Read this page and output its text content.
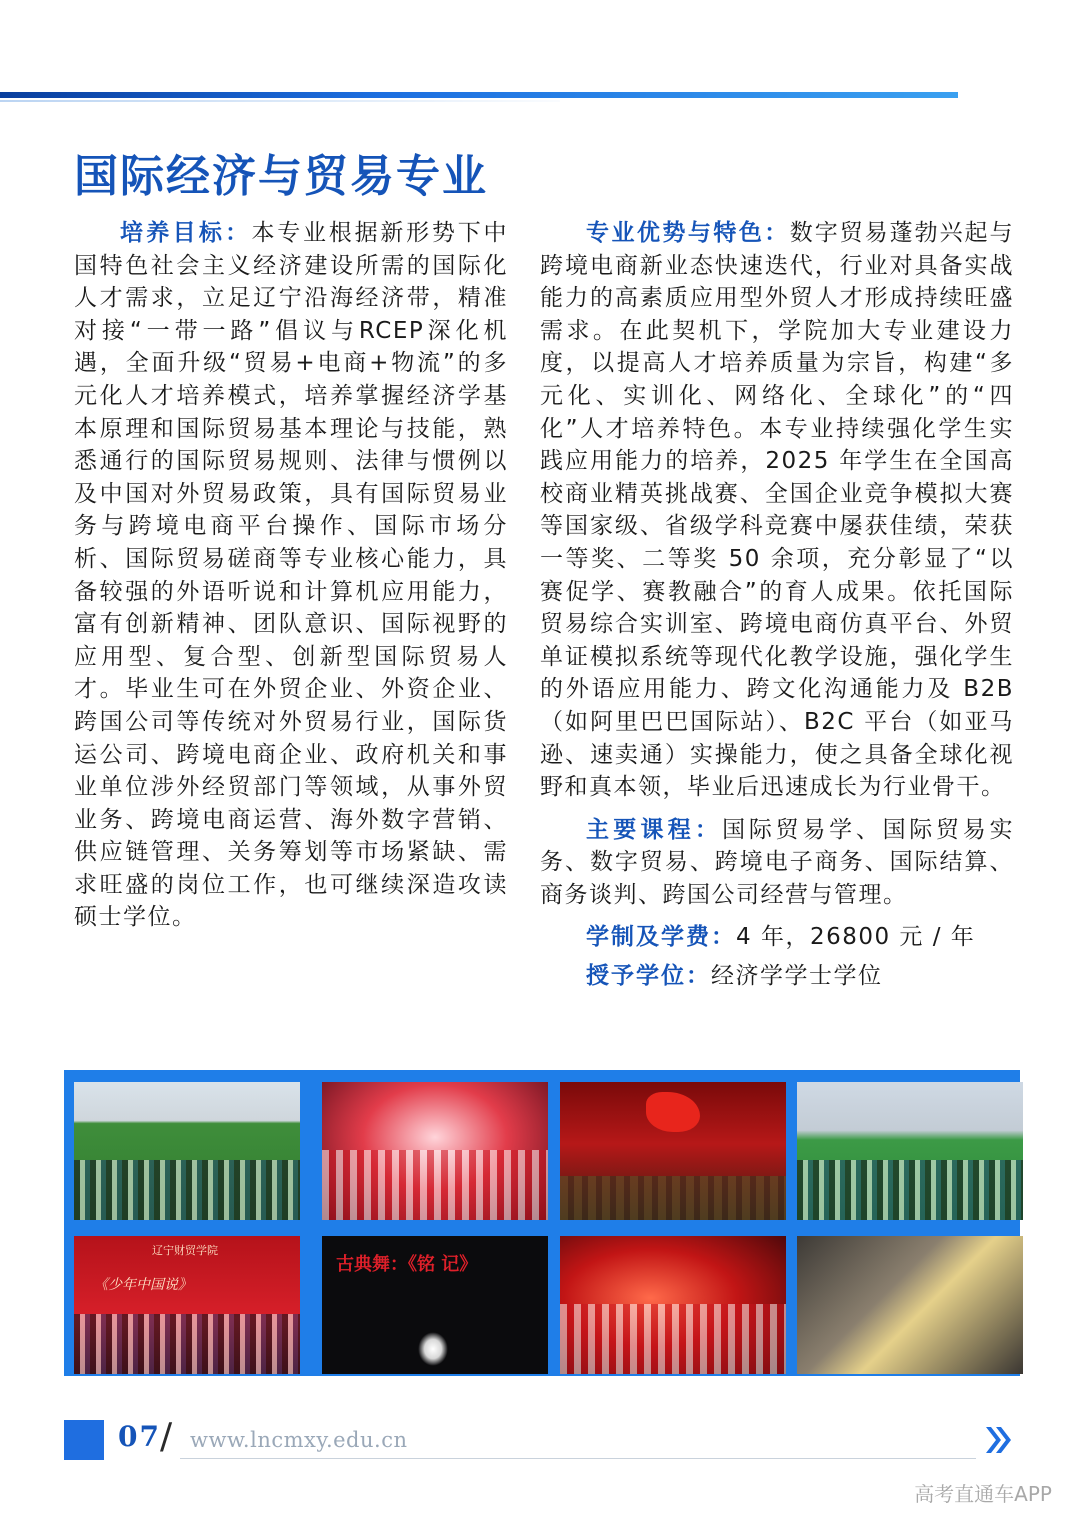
国际经济与贸易专业

培养目标：本专业根据新形势下中国特色社会主义经济建设所需的国际化人才需求，立足辽宁沿海经济带，精准对接“一带一路”倡议与RCEP深化机遇，全面升级“贸易+电商+物流”的多元化人才培养模式，培养掌握经济学基本原理和国际贸易基本理论与技能，熟悉通行的国际贸易规则、法律与惯例以及中国对外贸易政策，具有国际贸易业务与跨境电商平台操作、国际市场分析、国际贸易磋商等专业核心能力，具备较强的外语听说和计算机应用能力，富有创新精神、团队意识、国际视野的应用型、复合型、创新型国际贸易人才。毕业生可在外贸企业、外资企业、跨国公司等传统对外贸易行业，国际货运公司、跨境电商企业、政府机关和事业单位涉外经贸部门等领域，从事外贸业务、跨境电商运营、海外数字营销、供应链管理、关务筹划等市场紧缺、需求旺盛的岗位工作，也可继续深造攻读硕士学位。

专业优势与特色：数字贸易蓬勃兴起与跨境电商新业态快速迭代，行业对具备实战能力的高素质应用型外贸人才形成持续旺盛需求。在此契机下，学院加大专业建设力度，以提高人才培养质量为宗旨，构建“多元化、实训化、网络化、全球化”的“四化”人才培养特色。本专业持续强化学生实践应用能力的培养，2025 年学生在全国高校商业精英挑战赛、全国企业竞争模拟大赛等国家级、省级学科竞赛中屡获佳绩，荣获一等奖、二等奖 50 余项，充分彰显了“以赛促学、赛教融合”的育人成果。依托国际贸易综合实训室、跨境电商仿真平台、外贸单证模拟系统等现代化教学设施，强化学生的外语应用能力、跨文化沟通能力及 B2B（如阿里巴巴国际站）、B2C 平台（如亚马逊、速卖通）实操能力，使之具备全球化视野和真本领，毕业后迅速成长为行业骨干。

主要课程：国际贸易学、国际贸易实务、数字贸易、跨境电子商务、国际结算、商务谈判、跨国公司经营与管理。

学制及学费：4 年，26800 元 / 年

授予学位：经济学学士学位

辽宁财贸学院
《少年中国说》
古典舞：《铭 记》
07 / www.lncmxy.edu.cn
高考直通车APP
